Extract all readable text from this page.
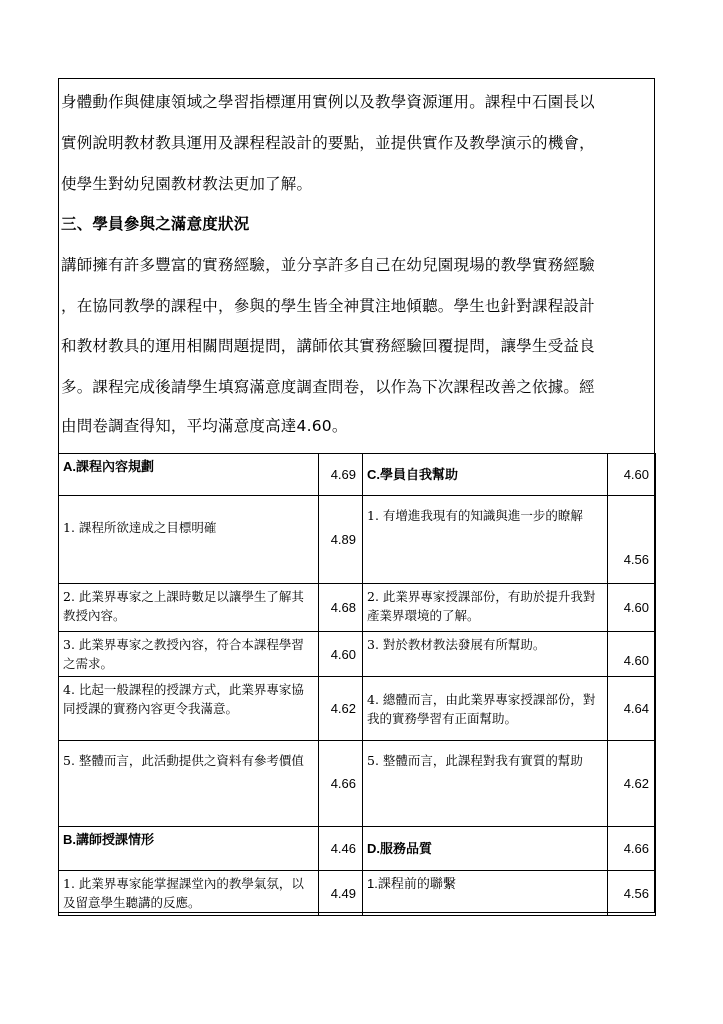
身體動作與健康領域之學習指標運用實例以及教學資源運用。課程中石園長以
實例說明教材教具運用及課程程設計的要點，並提供實作及教學演示的機會，
使學生對幼兒園教材教法更加了解。
三、學員參與之滿意度狀況
講師擁有許多豐富的實務經驗，並分享許多自己在幼兒園現場的教學實務經驗
，在協同教學的課程中，參與的學生皆全神貫注地傾聽。學生也針對課程設計
和教材教具的運用相關問題提問，講師依其實務經驗回覆提問，讓學生受益良
多。課程完成後請學生填寫滿意度調查問卷，以作為下次課程改善之依據。經
由問卷調查得知，平均滿意度高達4.60。
A.課程內容規劃	4.69	C.學員自我幫助	4.60
1. 課程所欲達成之目標明確	4.89	1. 有增進我現有的知識與進一步的瞭解	4.56
2. 此業界專家之上課時數足以讓學生了解其教授內容。	4.68	2. 此業界專家授課部份，有助於提升我對產業界環境的了解。	4.60
3. 此業界專家之教授內容，符合本課程學習之需求。	4.60	3. 對於教材教法發展有所幫助。	4.60
4. 比起一般課程的授課方式，此業界專家協同授課的實務內容更令我滿意。	4.62	4. 總體而言，由此業界專家授課部份，對我的實務學習有正面幫助。	4.64
5. 整體而言，此活動提供之資料有參考價值	4.66	5. 整體而言，此課程對我有實質的幫助	4.62
B.講師授課情形	4.46	D.服務品質	4.66
1. 此業界專家能掌握課堂內的教學氣氛，以及留意學生聽講的反應。	4.49	1.課程前的聯繫	4.56
